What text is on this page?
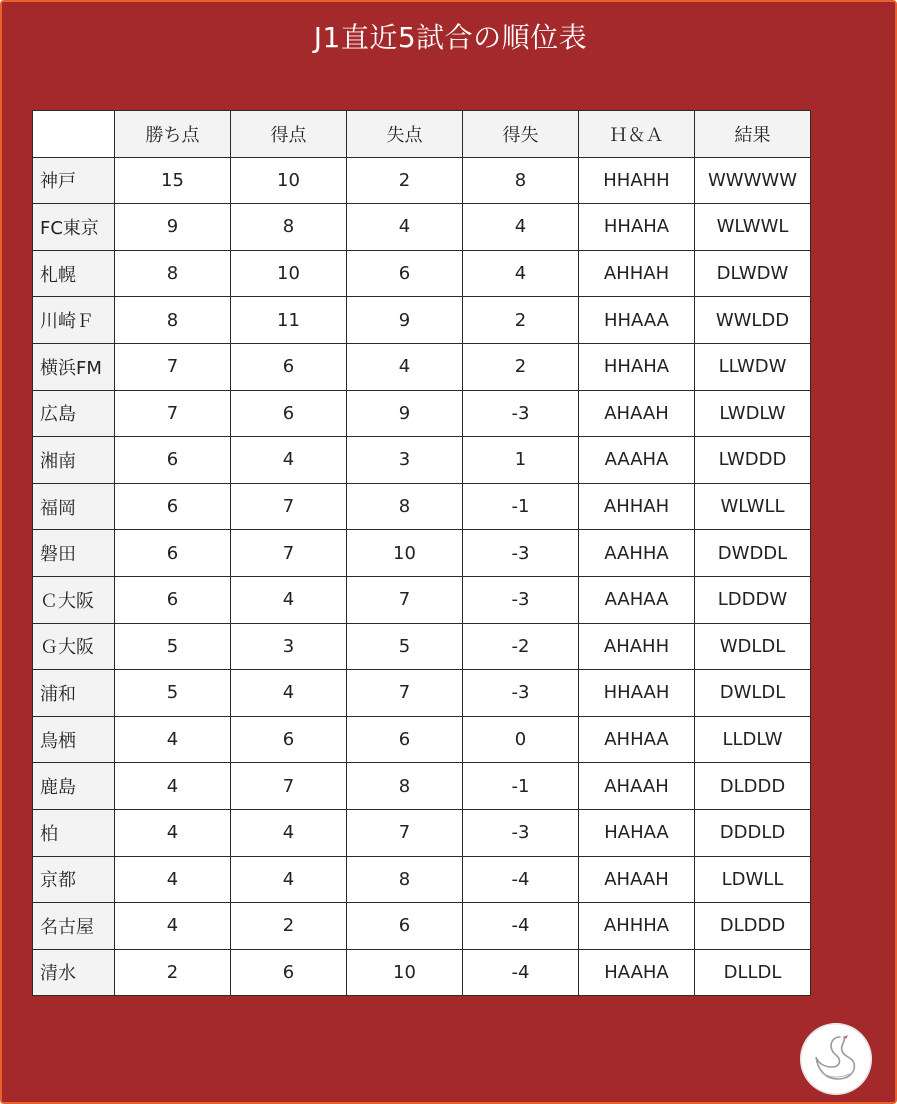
J1直近5試合の順位表
	勝ち点	得点	失点	得失	Ｈ＆Ａ	結果
神戸	15	10	2	8	HHAHH	WWWWW
FC東京	9	8	4	4	HHAHA	WLWWL
札幌	8	10	6	4	AHHAH	DLWDW
川崎Ｆ	8	11	9	2	HHAAA	WWLDD
横浜FM	7	6	4	2	HHAHA	LLWDW
広島	7	6	9	-3	AHAAH	LWDLW
湘南	6	4	3	1	AAAHA	LWDDD
福岡	6	7	8	-1	AHHAH	WLWLL
磐田	6	7	10	-3	AAHHA	DWDDL
Ｃ大阪	6	4	7	-3	AAHAA	LDDDW
Ｇ大阪	5	3	5	-2	AHAHH	WDLDL
浦和	5	4	7	-3	HHAAH	DWLDL
鳥栖	4	6	6	0	AHHAA	LLDLW
鹿島	4	7	8	-1	AHAAH	DLDDD
柏	4	4	7	-3	HAHAA	DDDLD
京都	4	4	8	-4	AHAAH	LDWLL
名古屋	4	2	6	-4	AHHHA	DLDDD
清水	2	6	10	-4	HAAHA	DLLDL
